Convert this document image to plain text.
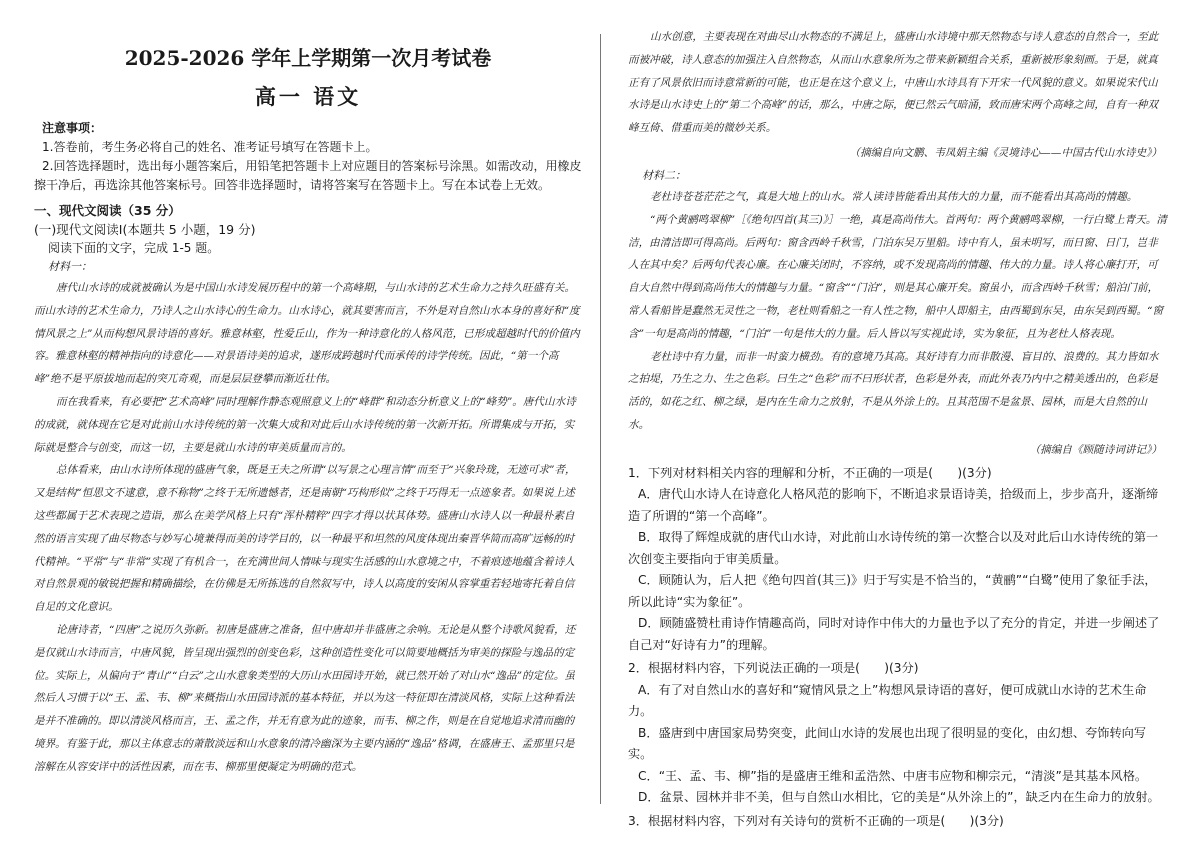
2025-2026 学年上学期第一次月考试卷
高一 语文
注意事项：

1.答卷前，考生务必将自己的姓名、准考证号填写在答题卡上。

2.回答选择题时，选出每小题答案后，用铅笔把答题卡上对应题目的答案标号涂黑。如需改动，用橡皮擦干净后，再选涂其他答案标号。回答非选择题时，请将答案写在答题卡上。写在本试卷上无效。

一、现代文阅读（35 分）

(一)现代文阅读Ⅰ(本题共 5 小题，19 分)

阅读下面的文字，完成 1-5 题。

材料一：

唐代山水诗的成就被确认为是中国山水诗发展历程中的第一个高峰期，与山水诗的艺术生命力之持久旺盛有关。而山水诗的艺术生命力，乃诗人之山水诗心的生命力。山水诗心，就其要害而言，不外是对自然山水本身的喜好和“度情风景之上”从而构想风景诗语的喜好。雅意林壑，性爱丘山，作为一种诗意化的人格风范，已形成超越时代的价值内容。雅意林壑的精神指向的诗意化——对景语诗美的追求，遂形成跨越时代而承传的诗学传统。因此，“第一个高峰”绝不是平原拔地而起的突兀奇观，而是层层登攀而渐近壮伟。

而在我看来，有必要把“艺术高峰”同时理解作静态观照意义上的“峰群”和动态分析意义上的“峰势”。唐代山水诗的成就，就体现在它是对此前山水诗传统的第一次集大成和对此后山水诗传统的第一次新开拓。所谓集成与开拓，实际就是整合与创变，而这一切，主要是就山水诗的审美质量而言的。

总体看来，由山水诗所体现的盛唐气象，既是王夫之所谓“以写景之心理言情”而至于“兴象玲珑，无迹可求”者，又是结构“恒思文不逮意，意不称物”之终于无所遗憾者，还是南朝“巧构形似”之终于巧得无一点迹象者。如果说上述这些都属于艺术表现之造诣，那么在美学风格上只有“浑朴精粹”四字才得以状其体势。盛唐山水诗人以一种最朴素自然的语言实现了曲尽物态与妙写心境兼得而美的诗学目的，以一种最平和坦然的风度体现出秦晋华简而高旷远畅的时代精神。“平常”与“非常”实现了有机合一，在充满世间人情味与现实生活感的山水意境之中，不着痕迹地蕴含着诗人对自然景观的敏锐把握和精确描绘，在仿佛是无所拣选的自然叙写中，诗人以高度的安闲从容掌重若轻地寄托着自信自足的文化意识。

论唐诗者，“四唐”之说历久弥新。初唐是盛唐之准备，但中唐却并非盛唐之余响。无论是从整个诗歌风貌看，还是仅就山水诗而言，中唐风貌，皆呈现出强烈的创变色彩，这种创造性变化可以简要地概括为审美的探险与逸品的定位。实际上，从偏向于“青山”“白云”之山水意象类型的大历山水田园诗开始，就已然开始了对山水“逸品”的定位。虽然后人习惯于以“王、孟、韦、柳”来概指山水田园诗派的基本特征，并以为这一特征即在清淡风格，实际上这种看法是并不准确的。即以清淡风格而言，王、孟之作，并无有意为此的迹象，而韦、柳之作，则是在自觉地追求清而幽的境界。有鉴于此，那以主体意志的萧散淡远和山水意象的清冷幽深为主要内涵的“逸品”格调，在盛唐王、孟那里只是溶解在从容安详中的活性因素，而在韦、柳那里便凝定为明确的范式。

山水创意，主要表现在对曲尽山水物态的不满足上，盛唐山水诗境中那天然物态与诗人意态的自然合一，至此而被冲破，诗人意态的加强注入自然物态，从而山水意象所为之带来新颖组合关系，重新被形象刻画。于是，就真正有了风景依旧而诗意常新的可能，也正是在这个意义上，中唐山水诗具有下开宋一代风貌的意义。如果说宋代山水诗是山水诗史上的“第二个高峰”的话，那么，中唐之际，便已然云气暗涌，致而唐宋两个高峰之间，自有一种双峰互倚、借重而美的微妙关系。

（摘编自向文鹏、韦凤娟主编《灵境诗心——中国古代山水诗史》）

材料二：

老杜诗苍苍茫茫之气，真是大地上的山水。常人读诗皆能看出其伟大的力量，而不能看出其高尚的情趣。

“两个黄鹂鸣翠柳”［《绝句四首(其三)》］一绝，真是高尚伟大。首两句：两个黄鹂鸣翠柳，一行白鹭上青天。清洁，由清洁即可得高尚。后两句：窗含西岭千秋雪，门泊东吴万里船。诗中有人，虽未明写，而日窗、日门，岂非人在其中矣？后两句代表心廉。在心廉关闭时，不容纳，或不发现高尚的情趣、伟大的力量。诗人将心廉打开，可自大自然中得到高尚伟大的情趣与力量。“窗含”“门泊”，则是其心廉开矣。窗虽小，而含西岭千秋雪；船泊门前，常人看船皆是蠢然无灵性之一物，老杜则看船之一有人性之物，船中人即船主，由西蜀到东吴，由东吴到西蜀。“窗含”一句是高尚的情趣，“门泊”一句是伟大的力量。后人皆以写实视此诗，实为象征，且为老杜人格表现。

老杜诗中有力量，而非一时蛮力横劲。有的意境乃其高。其好诗有力而非散漫、盲目的、浪费的。其力皆如水之拍堤，乃生之力、生之色彩。曰生之“色彩”而不曰形状者，色彩是外表，而此外表乃内中之精美透出的，色彩是活的，如花之红、柳之绿，是内在生命力之放射，不是从外涂上的。且其范围不是盆景、园林，而是大自然的山水。

（摘编自《顾随诗词讲记》）

1．下列对材料相关内容的理解和分析，不正确的一项是(　　)(3分)

A．唐代山水诗人在诗意化人格风范的影响下，不断追求景语诗美，拾级而上，步步高升，逐渐缔造了所谓的“第一个高峰”。

B．取得了辉煌成就的唐代山水诗，对此前山水诗传统的第一次整合以及对此后山水诗传统的第一次创变主要指向于审美质量。

C．顾随认为，后人把《绝句四首(其三)》归于写实是不恰当的，“黄鹂”“白鹭”使用了象征手法，所以此诗“实为象征”。

D．顾随盛赞杜甫诗作情趣高尚，同时对诗作中伟大的力量也予以了充分的肯定，并进一步阐述了自己对“好诗有力”的理解。

2．根据材料内容，下列说法正确的一项是(　　)(3分)

A．有了对自然山水的喜好和“窥情风景之上”构想风景诗语的喜好，便可成就山水诗的艺术生命力。

B．盛唐到中唐国家局势突变，此间山水诗的发展也出现了很明显的变化，由幻想、夸饰转向写实。

C．“王、孟、韦、柳”指的是盛唐王维和孟浩然、中唐韦应物和柳宗元，“清淡”是其基本风格。

D．盆景、园林并非不美，但与自然山水相比，它的美是“从外涂上的”，缺乏内在生命力的放射。

3．根据材料内容，下列对有关诗句的赏析不正确的一项是(　　)(3分)
